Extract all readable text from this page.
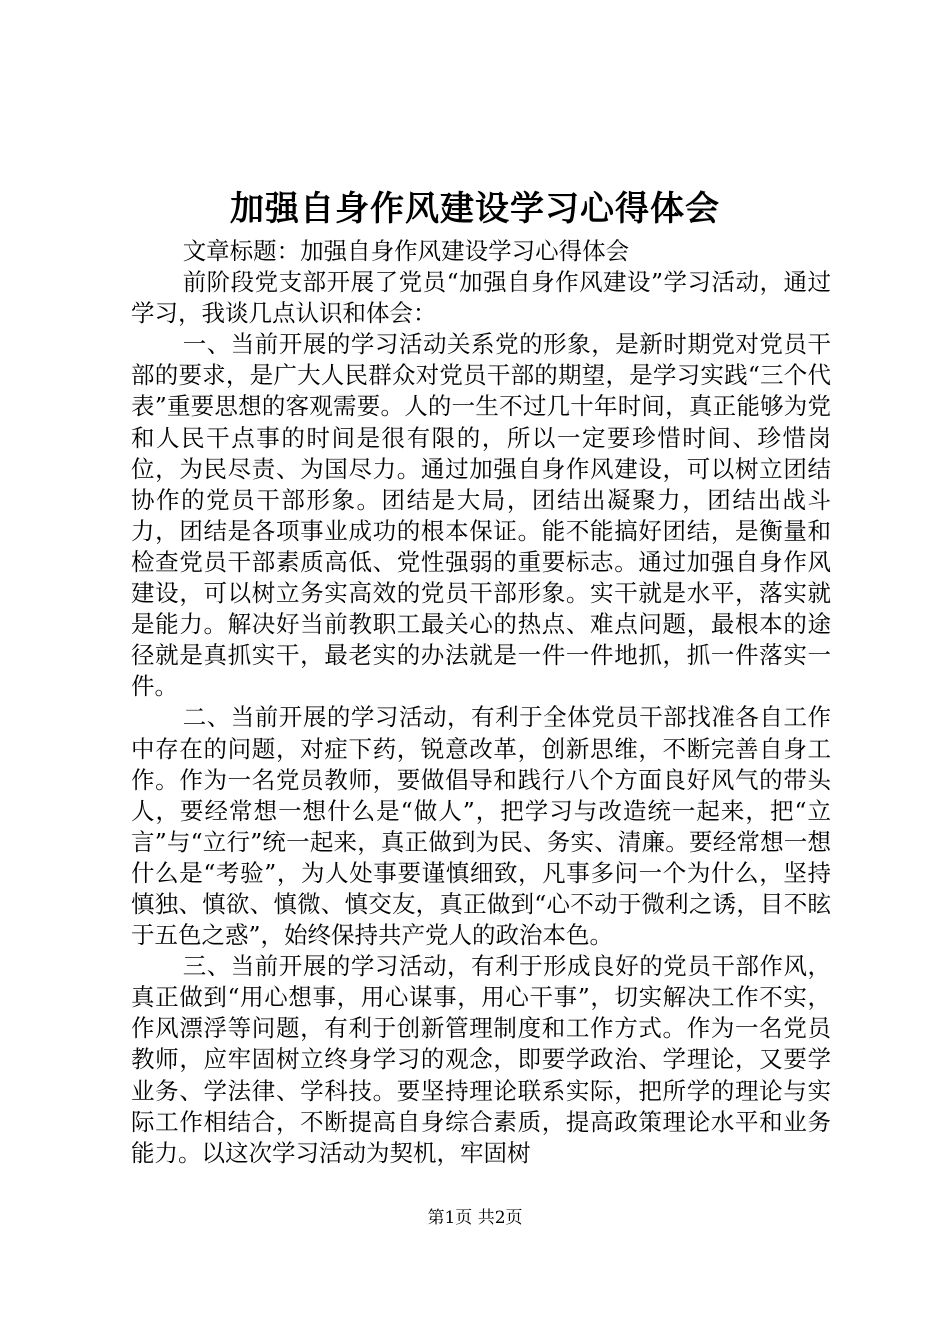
加强自身作风建设学习心得体会

文章标题：加强自身作风建设学习心得体会

前阶段党支部开展了党员“加强自身作风建设”学习活动，通过学习，我谈几点认识和体会：

一、当前开展的学习活动关系党的形象，是新时期党对党员干部的要求，是广大人民群众对党员干部的期望，是学习实践“三个代表”重要思想的客观需要。人的一生不过几十年时间，真正能够为党和人民干点事的时间是很有限的，所以一定要珍惜时间、珍惜岗位，为民尽责、为国尽力。通过加强自身作风建设，可以树立团结协作的党员干部形象。团结是大局，团结出凝聚力，团结出战斗力，团结是各项事业成功的根本保证。能不能搞好团结，是衡量和检查党员干部素质高低、党性强弱的重要标志。通过加强自身作风建设，可以树立务实高效的党员干部形象。实干就是水平，落实就是能力。解决好当前教职工最关心的热点、难点问题，最根本的途径就是真抓实干，最老实的办法就是一件一件地抓，抓一件落实一件。

二、当前开展的学习活动，有利于全体党员干部找准各自工作中存在的问题，对症下药，锐意改革，创新思维，不断完善自身工作。作为一名党员教师，要做倡导和践行八个方面良好风气的带头人，要经常想一想什么是“做人”，把学习与改造统一起来，把“立言”与“立行”统一起来，真正做到为民、务实、清廉。要经常想一想什么是“考验”，为人处事要谨慎细致，凡事多问一个为什么，坚持慎独、慎欲、慎微、慎交友，真正做到“心不动于微利之诱，目不眩于五色之惑”，始终保持共产党人的政治本色。

三、当前开展的学习活动，有利于形成良好的党员干部作风，真正做到“用心想事，用心谋事，用心干事”，切实解决工作不实，作风漂浮等问题，有利于创新管理制度和工作方式。作为一名党员教师，应牢固树立终身学习的观念，即要学政治、学理论，又要学业务、学法律、学科技。要坚持理论联系实际，把所学的理论与实际工作相结合，不断提高自身综合素质，提高政策理论水平和业务能力。以这次学习活动为契机，牢固树

第1页 共2页
